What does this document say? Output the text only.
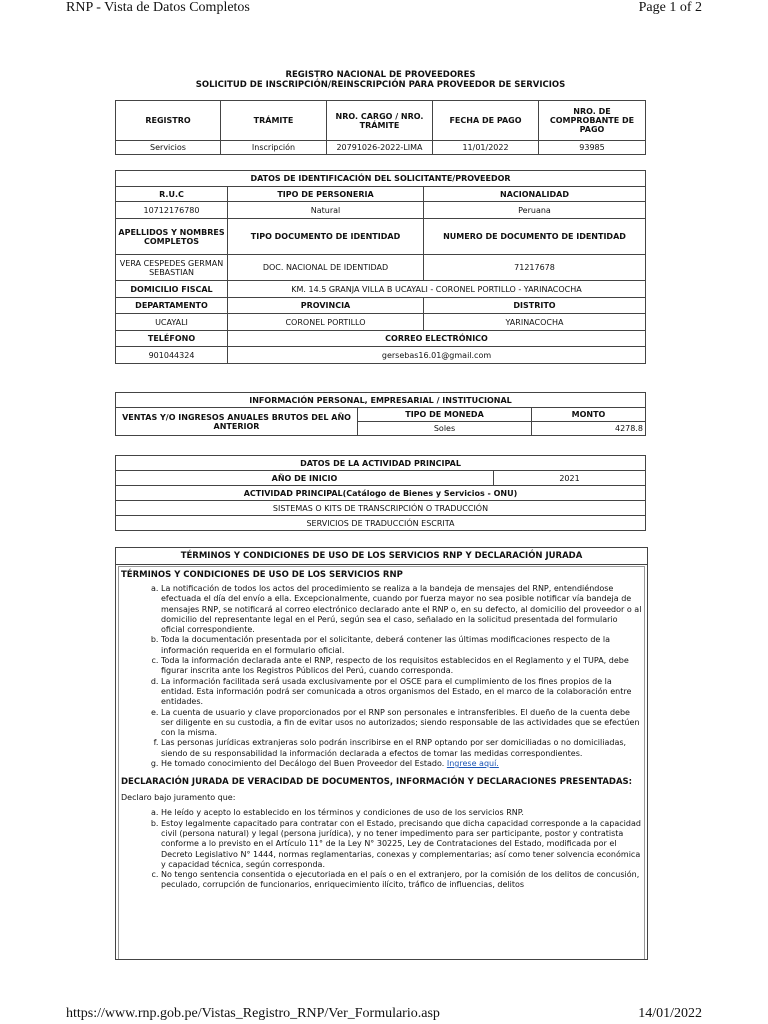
RNP - Vista de Datos Completos	Page 1 of 2
REGISTRO NACIONAL DE PROVEEDORES
SOLICITUD DE INSCRIPCIÓN/REINSCRIPCIÓN PARA PROVEEDOR DE SERVICIOS
REGISTRO	TRÁMITE	NRO. CARGO / NRO. TRÁMITE	FECHA DE PAGO	NRO. DE COMPROBANTE DE PAGO
Servicios	Inscripción	20791026-2022-LIMA	11/01/2022	93985
DATOS DE IDENTIFICACIÓN DEL SOLICITANTE/PROVEEDOR		
R.U.C	TIPO DE PERSONERIA	NACIONALIDAD
10712176780	Natural	Peruana
APELLIDOS Y NOMBRES COMPLETOS	TIPO DOCUMENTO DE IDENTIDAD	NUMERO DE DOCUMENTO DE IDENTIDAD
VERA CESPEDES GERMAN SEBASTIAN	DOC. NACIONAL DE IDENTIDAD	71217678
DOMICILIO FISCAL	KM. 14.5 GRANJA VILLA B UCAYALI - CORONEL PORTILLO - YARINACOCHA	
DEPARTAMENTO	PROVINCIA	DISTRITO
UCAYALI	CORONEL PORTILLO	YARINACOCHA
TELÉFONO	CORREO ELECTRÓNICO	
901044324	gersebas16.01@gmail.com	
INFORMACIÓN PERSONAL, EMPRESARIAL / INSTITUCIONAL		
VENTAS Y/O INGRESOS ANUALES BRUTOS DEL AÑO ANTERIOR	TIPO DE MONEDA	MONTO
	Soles	4278.8
DATOS DE LA ACTIVIDAD PRINCIPAL
AÑO DE INICIO	2021
ACTIVIDAD PRINCIPAL(Catálogo de Bienes y Servicios - ONU)
SISTEMAS O KITS DE TRANSCRIPCIÓN O TRADUCCIÓN
SERVICIOS DE TRADUCCIÓN ESCRITA
TÉRMINOS Y CONDICIONES DE USO DE LOS SERVICIOS RNP Y DECLARACIÓN JURADA
TÉRMINOS Y CONDICIONES DE USO DE LOS SERVICIOS RNP
a. La notificación de todos los actos del procedimiento se realiza a la bandeja de mensajes del RNP, entendiéndose efectuada el día del envío a ella. Excepcionalmente, cuando por fuerza mayor no sea posible notificar vía bandeja de mensajes RNP, se notificará al correo electrónico declarado ante el RNP o, en su defecto, al domicilio del proveedor o al domicilio del representante legal en el Perú, según sea el caso, señalado en la solicitud presentada del formulario oficial correspondiente.
b. Toda la documentación presentada por el solicitante, deberá contener las últimas modificaciones respecto de la información requerida en el formulario oficial.
c. Toda la información declarada ante el RNP, respecto de los requisitos establecidos en el Reglamento y el TUPA, debe figurar inscrita ante los Registros Públicos del Perú, cuando corresponda.
d. La información facilitada será usada exclusivamente por el OSCE para el cumplimiento de los fines propios de la entidad. Esta información podrá ser comunicada a otros organismos del Estado, en el marco de la colaboración entre entidades.
e. La cuenta de usuario y clave proporcionados por el RNP son personales e intransferibles. El dueño de la cuenta debe ser diligente en su custodia, a fin de evitar usos no autorizados; siendo responsable de las actividades que se efectúen con la misma.
f. Las personas jurídicas extranjeras solo podrán inscribirse en el RNP optando por ser domiciliadas o no domiciliadas, siendo de su responsabilidad la información declarada a efectos de tomar las medidas correspondientes.
g. He tomado conocimiento del Decálogo del Buen Proveedor del Estado. Ingrese aquí.
DECLARACIÓN JURADA DE VERACIDAD DE DOCUMENTOS, INFORMACIÓN Y DECLARACIONES PRESENTADAS:

Declaro bajo juramento que:

a. He leído y acepto lo establecido en los términos y condiciones de uso de los servicios RNP.
b. Estoy legalmente capacitado para contratar con el Estado, precisando que dicha capacidad corresponde a la capacidad civil (persona natural) y legal (persona jurídica), y no tener impedimento para ser participante, postor y contratista conforme a lo previsto en el Artículo 11° de la Ley N° 30225, Ley de Contrataciones del Estado, modificada por el Decreto Legislativo N° 1444, normas reglamentarias, conexas y complementarias; así como tener solvencia económica y capacidad técnica, según corresponda.
c. No tengo sentencia consentida o ejecutoriada en el país o en el extranjero, por la comisión de los delitos de concusión, peculado, corrupción de funcionarios, enriquecimiento ilícito, tráfico de influencias, delitos
https://www.rnp.gob.pe/Vistas_Registro_RNP/Ver_Formulario.asp	14/01/2022
